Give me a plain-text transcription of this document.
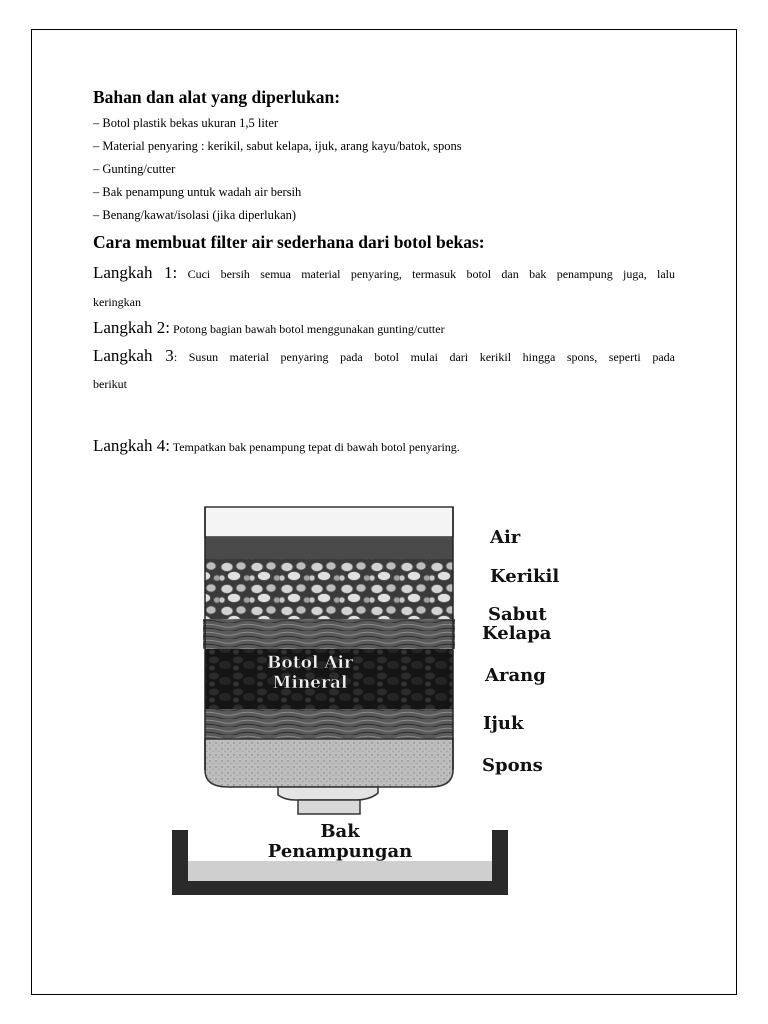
Bahan dan alat yang diperlukan:
– Botol plastik bekas ukuran 1,5 liter
– Material penyaring : kerikil, sabut kelapa, ijuk, arang kayu/batok, spons
– Gunting/cutter
– Bak penampung untuk wadah air bersih
– Benang/kawat/isolasi (jika diperlukan)
Cara membuat filter air sederhana dari botol bekas:
Langkah 1: Cuci bersih semua material penyaring, termasuk botol dan bak penampung juga, lalu
keringkan
Langkah 2: Potong bagian bawah botol menggunakan gunting/cutter
Langkah 3: Susun material penyaring pada botol mulai dari kerikil hingga spons, seperti pada
berikut
Langkah 4: Tempatkan bak penampung tepat di bawah botol penyaring.
Botol Air
Mineral
Air
Kerikil
Sabut
Kelapa
Arang
Ijuk
Spons
Bak
Penampungan
